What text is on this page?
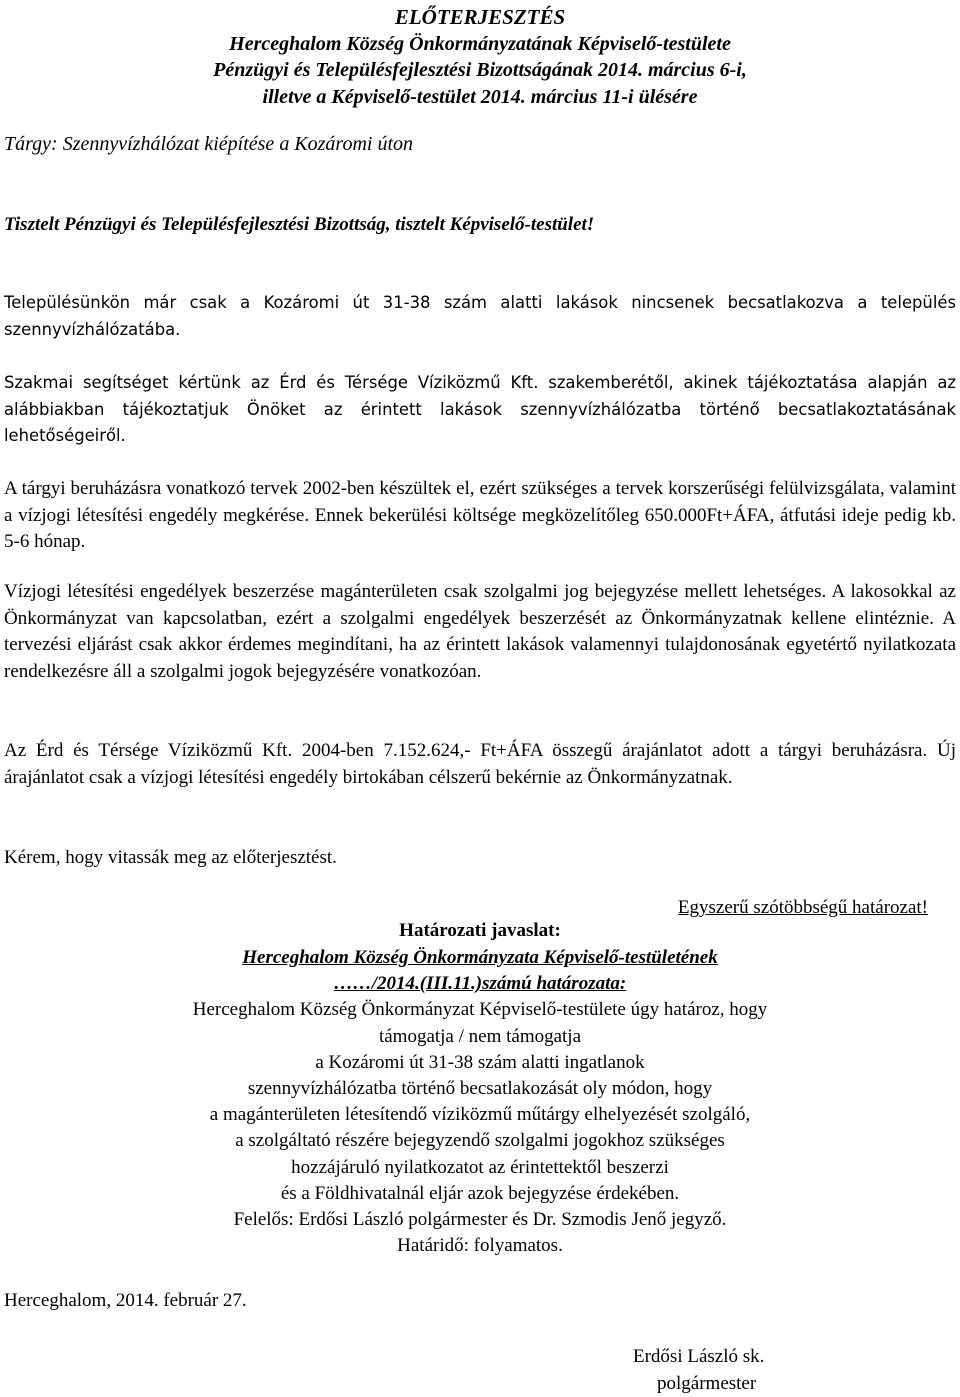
ELŐTERJESZTÉS
Herceghalom Község Önkormányzatának Képviselő-testülete
Pénzügyi és Településfejlesztési Bizottságának 2014. március 6-i,
illetve a Képviselő-testület 2014. március 11-i ülésére
Tárgy: Szennyvízhálózat kiépítése a Kozáromi úton
Tisztelt Pénzügyi és Településfejlesztési Bizottság, tisztelt Képviselő-testület!
Településünkön már csak a Kozáromi út 31-38 szám alatti lakások nincsenek becsatlakozva a település szennyvízhálózatába.
Szakmai segítséget kértünk az Érd és Térsége Víziközmű Kft. szakemberétől, akinek tájékoztatása alapján az alábbiakban tájékoztatjuk Önöket az érintett lakások szennyvízhálózatba történő becsatlakoztatásának lehetőségeiről.
A tárgyi beruházásra vonatkozó tervek 2002-ben készültek el, ezért szükséges a tervek korszerűségi felülvizsgálata, valamint a vízjogi létesítési engedély megkérése. Ennek bekerülési költsége megközelítőleg 650.000Ft+ÁFA, átfutási ideje pedig kb. 5-6 hónap.
Vízjogi létesítési engedélyek beszerzése magánterületen csak szolgalmi jog bejegyzése mellett lehetséges. A lakosokkal az Önkormányzat van kapcsolatban, ezért a szolgalmi engedélyek beszerzését az Önkormányzatnak kellene elintéznie. A tervezési eljárást csak akkor érdemes megindítani, ha az érintett lakások valamennyi tulajdonosának egyetértő nyilatkozata rendelkezésre áll a szolgalmi jogok bejegyzésére vonatkozóan.
Az Érd és Térsége Víziközmű Kft. 2004-ben 7.152.624,- Ft+ÁFA összegű árajánlatot adott a tárgyi beruházásra. Új árajánlatot csak a vízjogi létesítési engedély birtokában célszerű bekérnie az Önkormányzatnak.
Kérem, hogy vitassák meg az előterjesztést.
Egyszerű szótöbbségű határozat!
Határozati javaslat:
Herceghalom Község Önkormányzata Képviselő-testületének
……/2014.(III.11.)számú határozata:
Herceghalom Község Önkormányzat Képviselő-testülete úgy határoz, hogy
támogatja / nem támogatja
a Kozáromi út 31-38 szám alatti ingatlanok
szennyvízhálózatba történő becsatlakozását oly módon, hogy
a magánterületen létesítendő víziközmű műtárgy elhelyezését szolgáló,
a szolgáltató részére bejegyzendő szolgalmi jogokhoz szükséges
hozzájáruló nyilatkozatot az érintettektől beszerzi
és a Földhivatalnál eljár azok bejegyzése érdekében.
Felelős: Erdősi László polgármester és Dr. Szmodis Jenő jegyző.
Határidő: folyamatos.
Herceghalom, 2014. február 27.
Erdősi László sk.
polgármester
